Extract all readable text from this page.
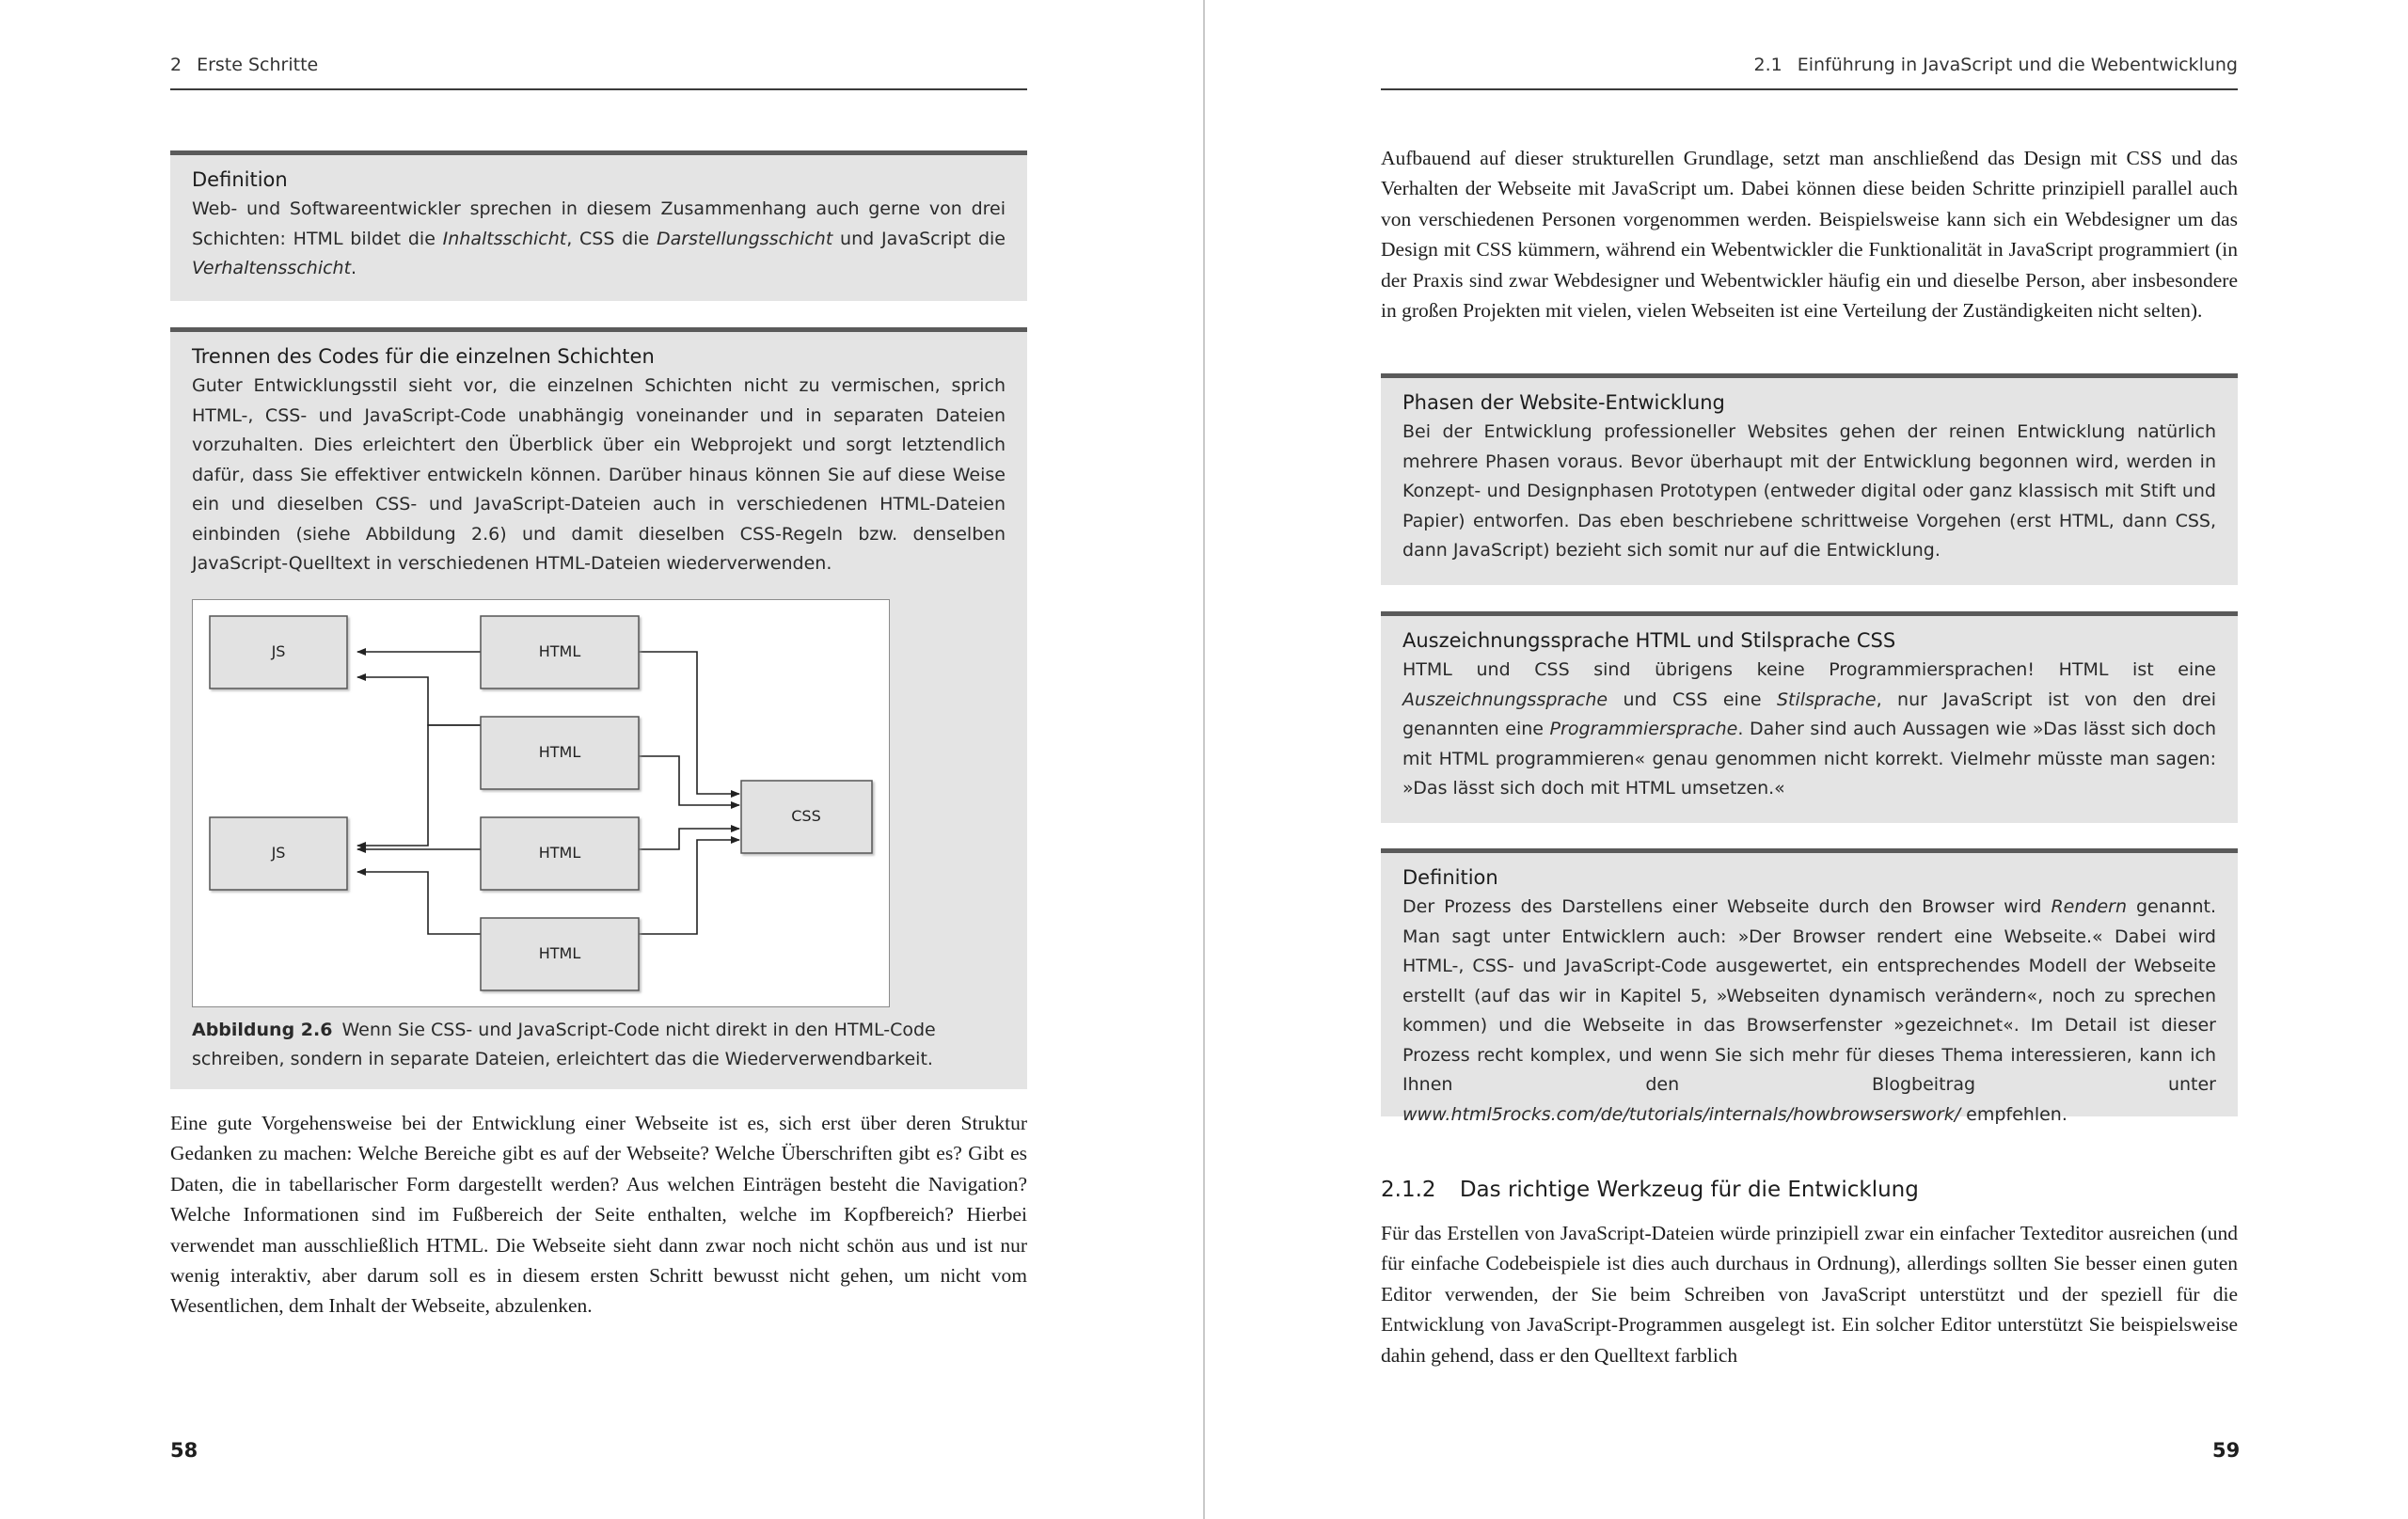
2 Erste Schritte

Definition

Web- und Softwareentwickler sprechen in diesem Zusammenhang auch gerne von drei Schichten: HTML bildet die Inhaltsschicht, CSS die Darstellungsschicht und JavaScript die Verhaltensschicht.

Trennen des Codes für die einzelnen Schichten

Guter Entwicklungsstil sieht vor, die einzelnen Schichten nicht zu vermischen, sprich HTML-, CSS- und JavaScript-Code unabhängig voneinander und in separaten Dateien vorzuhalten. Dies erleichtert den Überblick über ein Webprojekt und sorgt letztendlich dafür, dass Sie effektiver entwickeln können. Darüber hinaus können Sie auf diese Weise ein und dieselben CSS- und JavaScript-Dateien auch in verschiedenen HTML-Dateien einbinden (siehe Abbildung 2.6) und damit dieselben CSS-Regeln bzw. denselben JavaScript-Quelltext in verschiedenen HTML-Dateien wiederverwenden.

JS	HTML
HTML
CSS
JS	HTML
HTML

Abbildung 2.6 Wenn Sie CSS- und JavaScript-Code nicht direkt in den HTML-Code schreiben, sondern in separate Dateien, erleichtert das die Wiederverwendbarkeit.

Eine gute Vorgehensweise bei der Entwicklung einer Webseite ist es, sich erst über deren Struktur Gedanken zu machen: Welche Bereiche gibt es auf der Webseite? Welche Überschriften gibt es? Gibt es Daten, die in tabellarischer Form dargestellt werden? Aus welchen Einträgen besteht die Navigation? Welche Informationen sind im Fußbereich der Seite enthalten, welche im Kopfbereich? Hierbei verwendet man ausschließlich HTML. Die Webseite sieht dann zwar noch nicht schön aus und ist nur wenig interaktiv, aber darum soll es in diesem ersten Schritt bewusst nicht gehen, um nicht vom Wesentlichen, dem Inhalt der Webseite, abzulenken.

58
2.1 Einführung in JavaScript und die Webentwicklung

Aufbauend auf dieser strukturellen Grundlage, setzt man anschließend das Design mit CSS und das Verhalten der Webseite mit JavaScript um. Dabei können diese beiden Schritte prinzipiell parallel auch von verschiedenen Personen vorgenommen werden. Beispielsweise kann sich ein Webdesigner um das Design mit CSS kümmern, während ein Webentwickler die Funktionalität in JavaScript programmiert (in der Praxis sind zwar Webdesigner und Webentwickler häufig ein und dieselbe Person, aber insbesondere in großen Projekten mit vielen, vielen Webseiten ist eine Verteilung der Zuständigkeiten nicht selten).

Phasen der Website-Entwicklung

Bei der Entwicklung professioneller Websites gehen der reinen Entwicklung natürlich mehrere Phasen voraus. Bevor überhaupt mit der Entwicklung begonnen wird, werden in Konzept- und Designphasen Prototypen (entweder digital oder ganz klassisch mit Stift und Papier) entworfen. Das eben beschriebene schrittweise Vorgehen (erst HTML, dann CSS, dann JavaScript) bezieht sich somit nur auf die Entwicklung.

Auszeichnungssprache HTML und Stilsprache CSS

HTML und CSS sind übrigens keine Programmiersprachen! HTML ist eine Auszeichnungssprache und CSS eine Stilsprache, nur JavaScript ist von den drei genannten eine Programmiersprache. Daher sind auch Aussagen wie »Das lässt sich doch mit HTML programmieren« genau genommen nicht korrekt. Vielmehr müsste man sagen: »Das lässt sich doch mit HTML umsetzen.«

Definition

Der Prozess des Darstellens einer Webseite durch den Browser wird Rendern genannt. Man sagt unter Entwicklern auch: »Der Browser rendert eine Webseite.« Dabei wird HTML-, CSS- und JavaScript-Code ausgewertet, ein entsprechendes Modell der Webseite erstellt (auf das wir in Kapitel 5, »Webseiten dynamisch verändern«, noch zu sprechen kommen) und die Webseite in das Browserfenster »gezeichnet«. Im Detail ist dieser Prozess recht komplex, und wenn Sie sich mehr für dieses Thema interessieren, kann ich Ihnen den Blogbeitrag unter www.html5rocks.com/de/tutorials/internals/howbrowserswork/ empfehlen.

2.1.2 Das richtige Werkzeug für die Entwicklung

Für das Erstellen von JavaScript-Dateien würde prinzipiell zwar ein einfacher Texteditor ausreichen (und für einfache Codebeispiele ist dies auch durchaus in Ordnung), allerdings sollten Sie besser einen guten Editor verwenden, der Sie beim Schreiben von JavaScript unterstützt und der speziell für die Entwicklung von JavaScript-Programmen ausgelegt ist. Ein solcher Editor unterstützt Sie beispielsweise dahin gehend, dass er den Quelltext farblich

59
